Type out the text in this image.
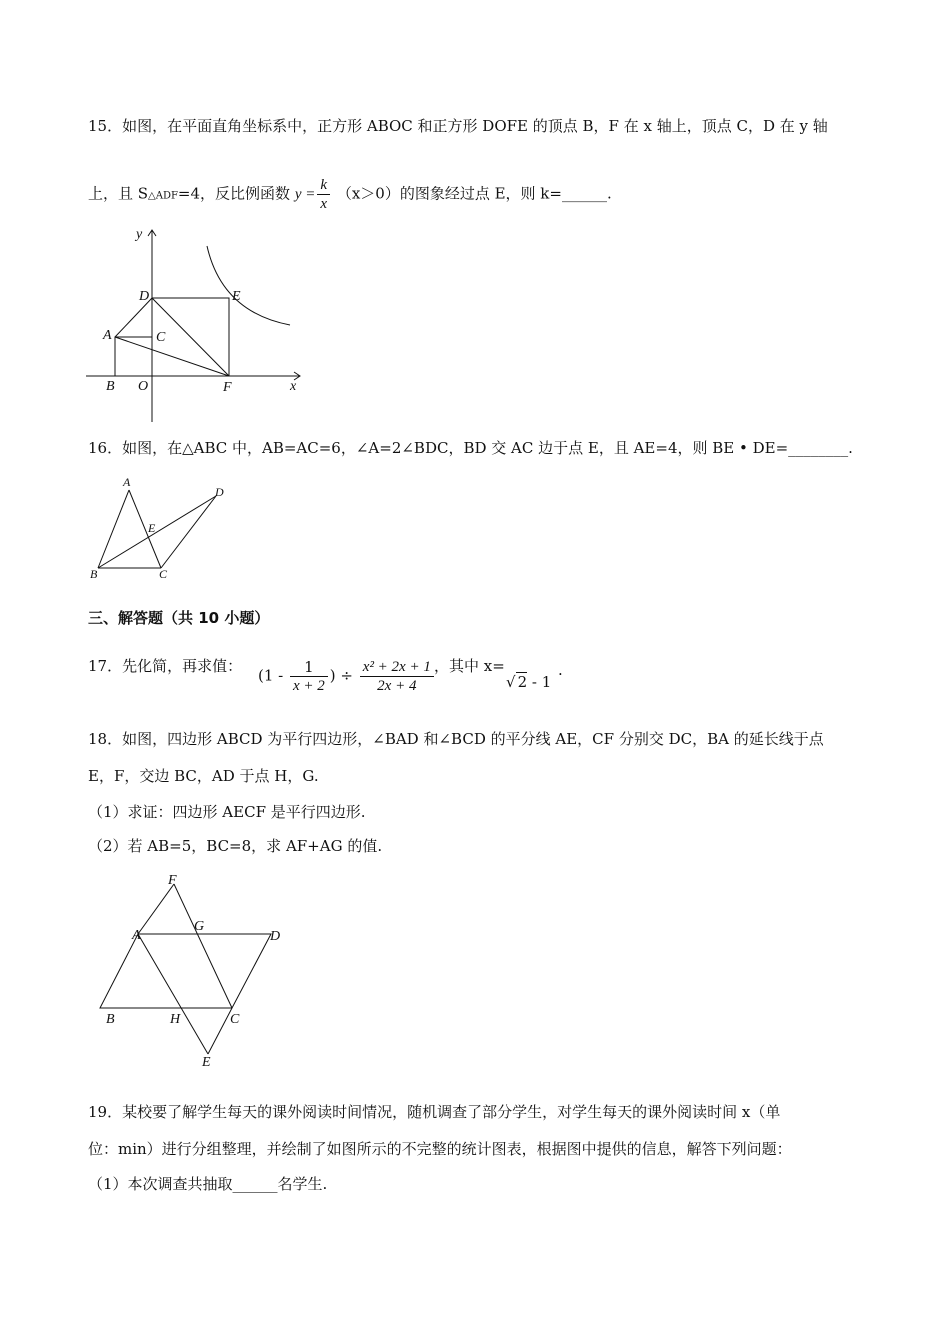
15．如图，在平面直角坐标系中，正方形 ABOC 和正方形 DOFE 的顶点 B，F 在 x 轴上，顶点 C，D 在 y 轴
上，且 S△ADF=4，反比例函数 $y = \frac{k}{x} (x>0)$的图象经过点 E，则 k=______.
y
x
D	E
A	C
B O	F
16．如图，在△ABC 中，AB=AC=6，∠A=2∠BDC，BD 交 AC 边于点 E，且 AE=4，则 BE • DE=________.
A
D
E
B	C
三、解答题（共 10 小题）
17．先化简，再求值：
($1 - \frac{1}{x + 2}$ ) ÷ $\frac{\text{x² + 2x + 1}}{2x + 4}$ ，其中 x=
√ 2 - 1
.
18．如图，四边形 ABCD 为平行四边形，∠BAD 和∠BCD 的平分线 AE，CF 分别交 DC，BA 的延长线于点
E，F，交边 BC，AD 于点 H，G.
（1）求证：四边形 AECF 是平行四边形.
（2）若 AB=5，BC=8，求 AF+AG 的值.
F
G
A	D
B	H	C
E
19．某校要了解学生每天的课外阅读时间情况，随机调查了部分学生，对学生每天的课外阅读时间 x（单
位：min）进行分组整理，并绘制了如图所示的不完整的统计图表，根据图中提供的信息，解答下列问题：
（1）本次调查共抽取______名学生.
